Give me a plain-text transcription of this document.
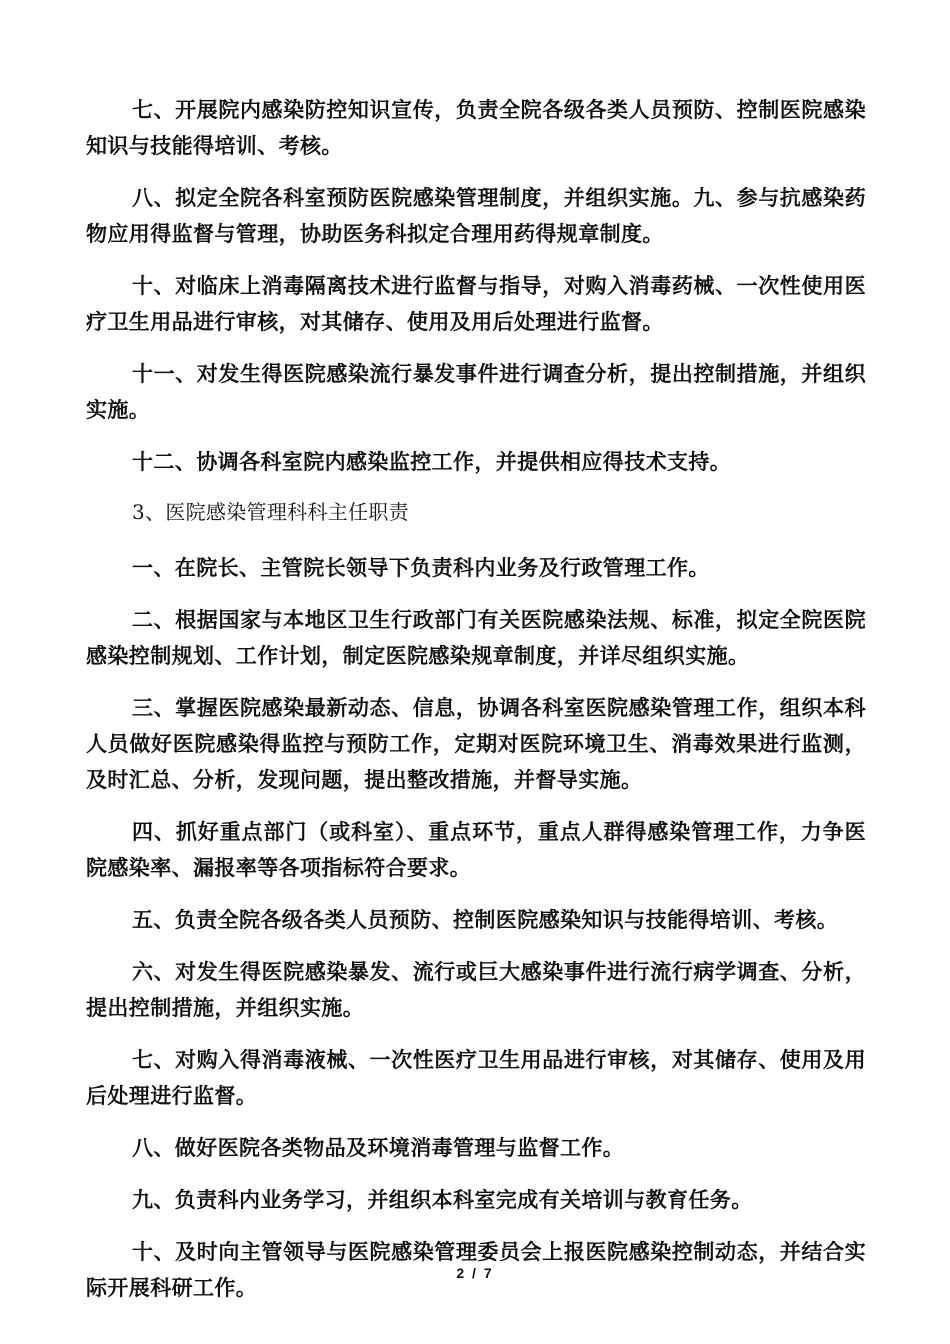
七、开展院内感染防控知识宣传，负责全院各级各类人员预防、控制医院感染知识与技能得培训、考核。

八、拟定全院各科室预防医院感染管理制度，并组织实施。九、参与抗感染药物应用得监督与管理，协助医务科拟定合理用药得规章制度。

十、对临床上消毒隔离技术进行监督与指导，对购入消毒药械、一次性使用医疗卫生用品进行审核，对其储存、使用及用后处理进行监督。

十一、对发生得医院感染流行暴发事件进行调查分析，提出控制措施，并组织实施。

十二、协调各科室院内感染监控工作，并提供相应得技术支持。

3、医院感染管理科科主任职责

一、在院长、主管院长领导下负责科内业务及行政管理工作。

二、根据国家与本地区卫生行政部门有关医院感染法规、标准，拟定全院医院感染控制规划、工作计划，制定医院感染规章制度，并详尽组织实施。

三、掌握医院感染最新动态、信息，协调各科室医院感染管理工作，组织本科人员做好医院感染得监控与预防工作，定期对医院环境卫生、消毒效果进行监测，及时汇总、分析，发现问题，提出整改措施，并督导实施。

四、抓好重点部门（或科室）、重点环节，重点人群得感染管理工作，力争医院感染率、漏报率等各项指标符合要求。

五、负责全院各级各类人员预防、控制医院感染知识与技能得培训、考核。

六、对发生得医院感染暴发、流行或巨大感染事件进行流行病学调查、分析，提出控制措施，并组织实施。

七、对购入得消毒液械、一次性医疗卫生用品进行审核，对其储存、使用及用后处理进行监督。

八、做好医院各类物品及环境消毒管理与监督工作。

九、负责科内业务学习，并组织本科室完成有关培训与教育任务。

十、及时向主管领导与医院感染管理委员会上报医院感染控制动态，并结合实际开展科研工作。

2 / 7
